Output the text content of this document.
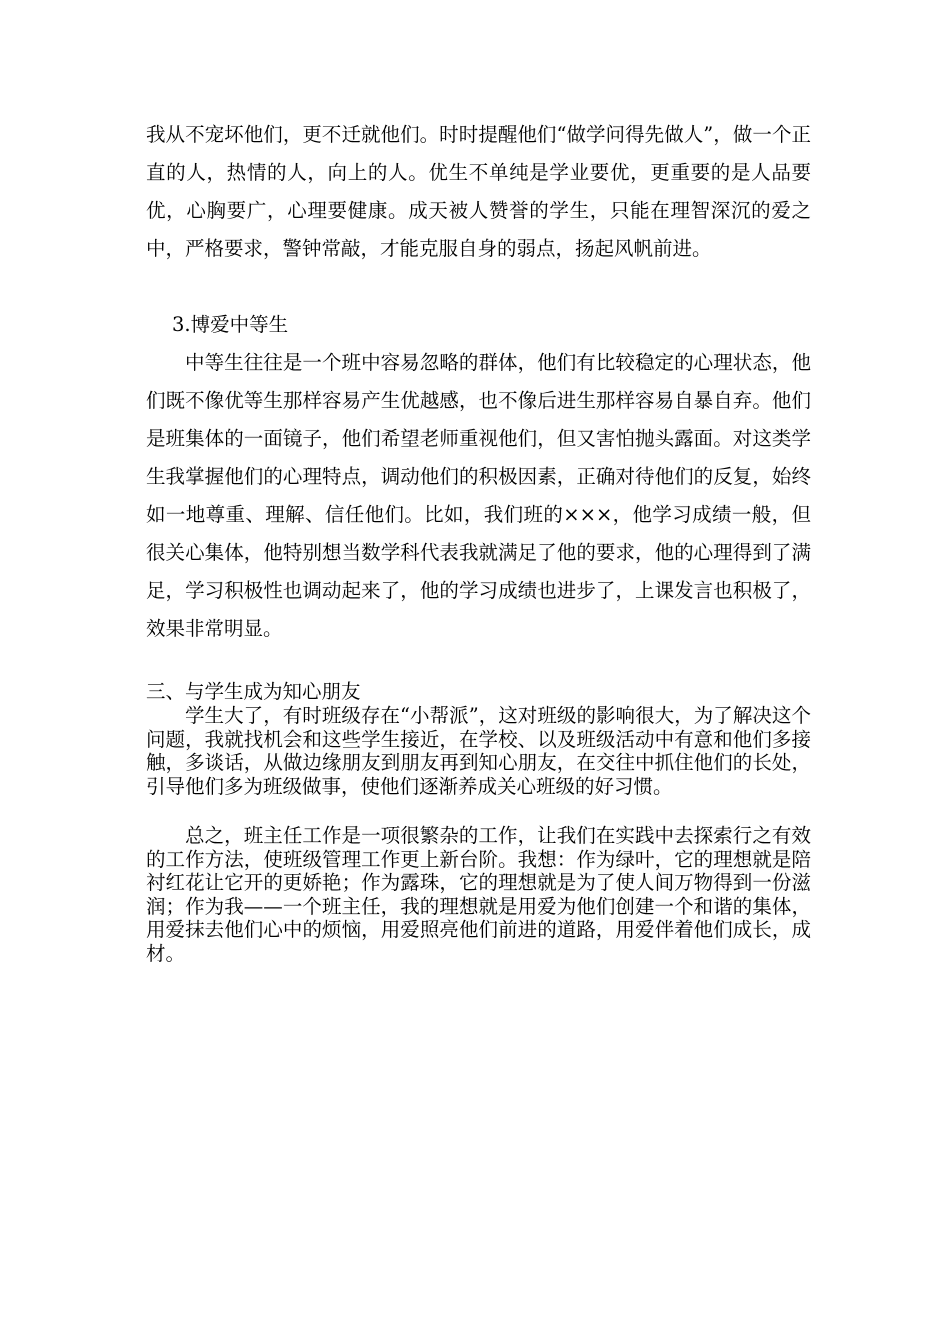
我从不宠坏他们，更不迁就他们。时时提醒他们“做学问得先做人”，做一个正直的人，热情的人，向上的人。优生不单纯是学业要优，更重要的是人品要优，心胸要广，心理要健康。成天被人赞誉的学生，只能在理智深沉的爱之中，严格要求，警钟常敲，才能克服自身的弱点，扬起风帆前进。

3.博爱中等生

中等生往往是一个班中容易忽略的群体，他们有比较稳定的心理状态，他们既不像优等生那样容易产生优越感，也不像后进生那样容易自暴自弃。他们是班集体的一面镜子，他们希望老师重视他们，但又害怕抛头露面。对这类学生我掌握他们的心理特点，调动他们的积极因素，正确对待他们的反复，始终如一地尊重、理解、信任他们。比如，我们班的×××，他学习成绩一般，但很关心集体，他特别想当数学科代表我就满足了他的要求，他的心理得到了满足，学习积极性也调动起来了，他的学习成绩也进步了，上课发言也积极了，效果非常明显。

三、与学生成为知心朋友

学生大了，有时班级存在“小帮派”，这对班级的影响很大，为了解决这个问题，我就找机会和这些学生接近，在学校、以及班级活动中有意和他们多接触，多谈话，从做边缘朋友到朋友再到知心朋友，在交往中抓住他们的长处，引导他们多为班级做事，使他们逐渐养成关心班级的好习惯。

总之，班主任工作是一项很繁杂的工作，让我们在实践中去探索行之有效的工作方法，使班级管理工作更上新台阶。我想：作为绿叶，它的理想就是陪衬红花让它开的更娇艳；作为露珠，它的理想就是为了使人间万物得到一份滋润；作为我——一个班主任，我的理想就是用爱为他们创建一个和谐的集体，用爱抹去他们心中的烦恼，用爱照亮他们前进的道路，用爱伴着他们成长，成材。
